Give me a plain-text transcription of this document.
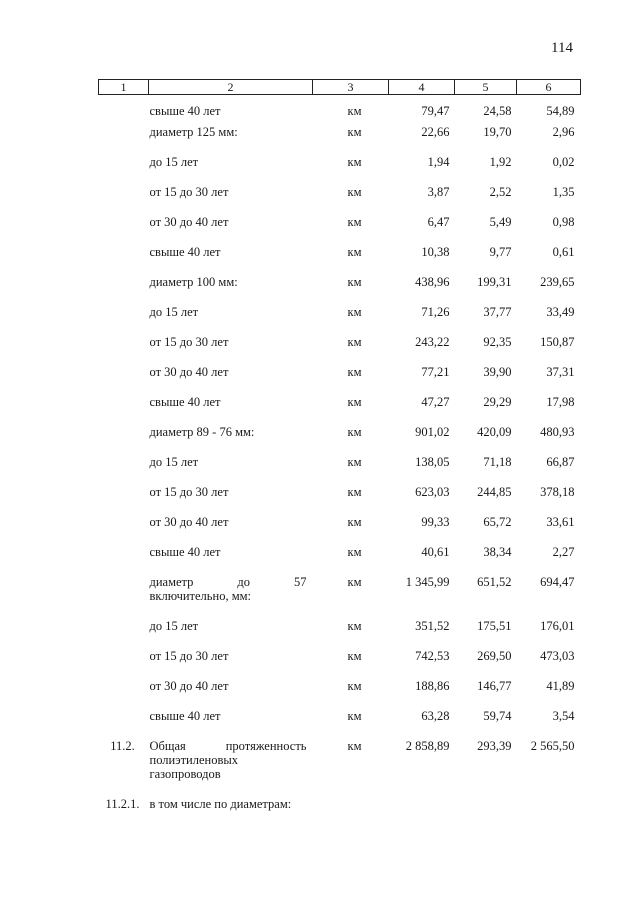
114
1	2	3	4	5	6
	свыше 40 лет	км	79,47	24,58	54,89
	диаметр 125 мм:	км	22,66	19,70	2,96
	до 15 лет	км	1,94	1,92	0,02
	от 15 до 30 лет	км	3,87	2,52	1,35
	от 30 до 40 лет	км	6,47	5,49	0,98
	свыше 40 лет	км	10,38	9,77	0,61
	диаметр 100 мм:	км	438,96	199,31	239,65
	до 15 лет	км	71,26	37,77	33,49
	от 15 до 30 лет	км	243,22	92,35	150,87
	от 30 до 40 лет	км	77,21	39,90	37,31
	свыше 40 лет	км	47,27	29,29	17,98
	диаметр 89 - 76 мм:	км	901,02	420,09	480,93
	до 15 лет	км	138,05	71,18	66,87
	от 15 до 30 лет	км	623,03	244,85	378,18
	от 30 до 40 лет	км	99,33	65,72	33,61
	свыше 40 лет	км	40,61	38,34	2,27
	диаметр до 57 включительно, мм:	км	1 345,99	651,52	694,47
	до 15 лет	км	351,52	175,51	176,01
	от 15 до 30 лет	км	742,53	269,50	473,03
	от 30 до 40 лет	км	188,86	146,77	41,89
	свыше 40 лет	км	63,28	59,74	3,54
11.2.	Общая протяженность полиэтиленовых газопроводов	км	2 858,89	293,39	2 565,50
11.2.1.	в том числе по диаметрам:				
